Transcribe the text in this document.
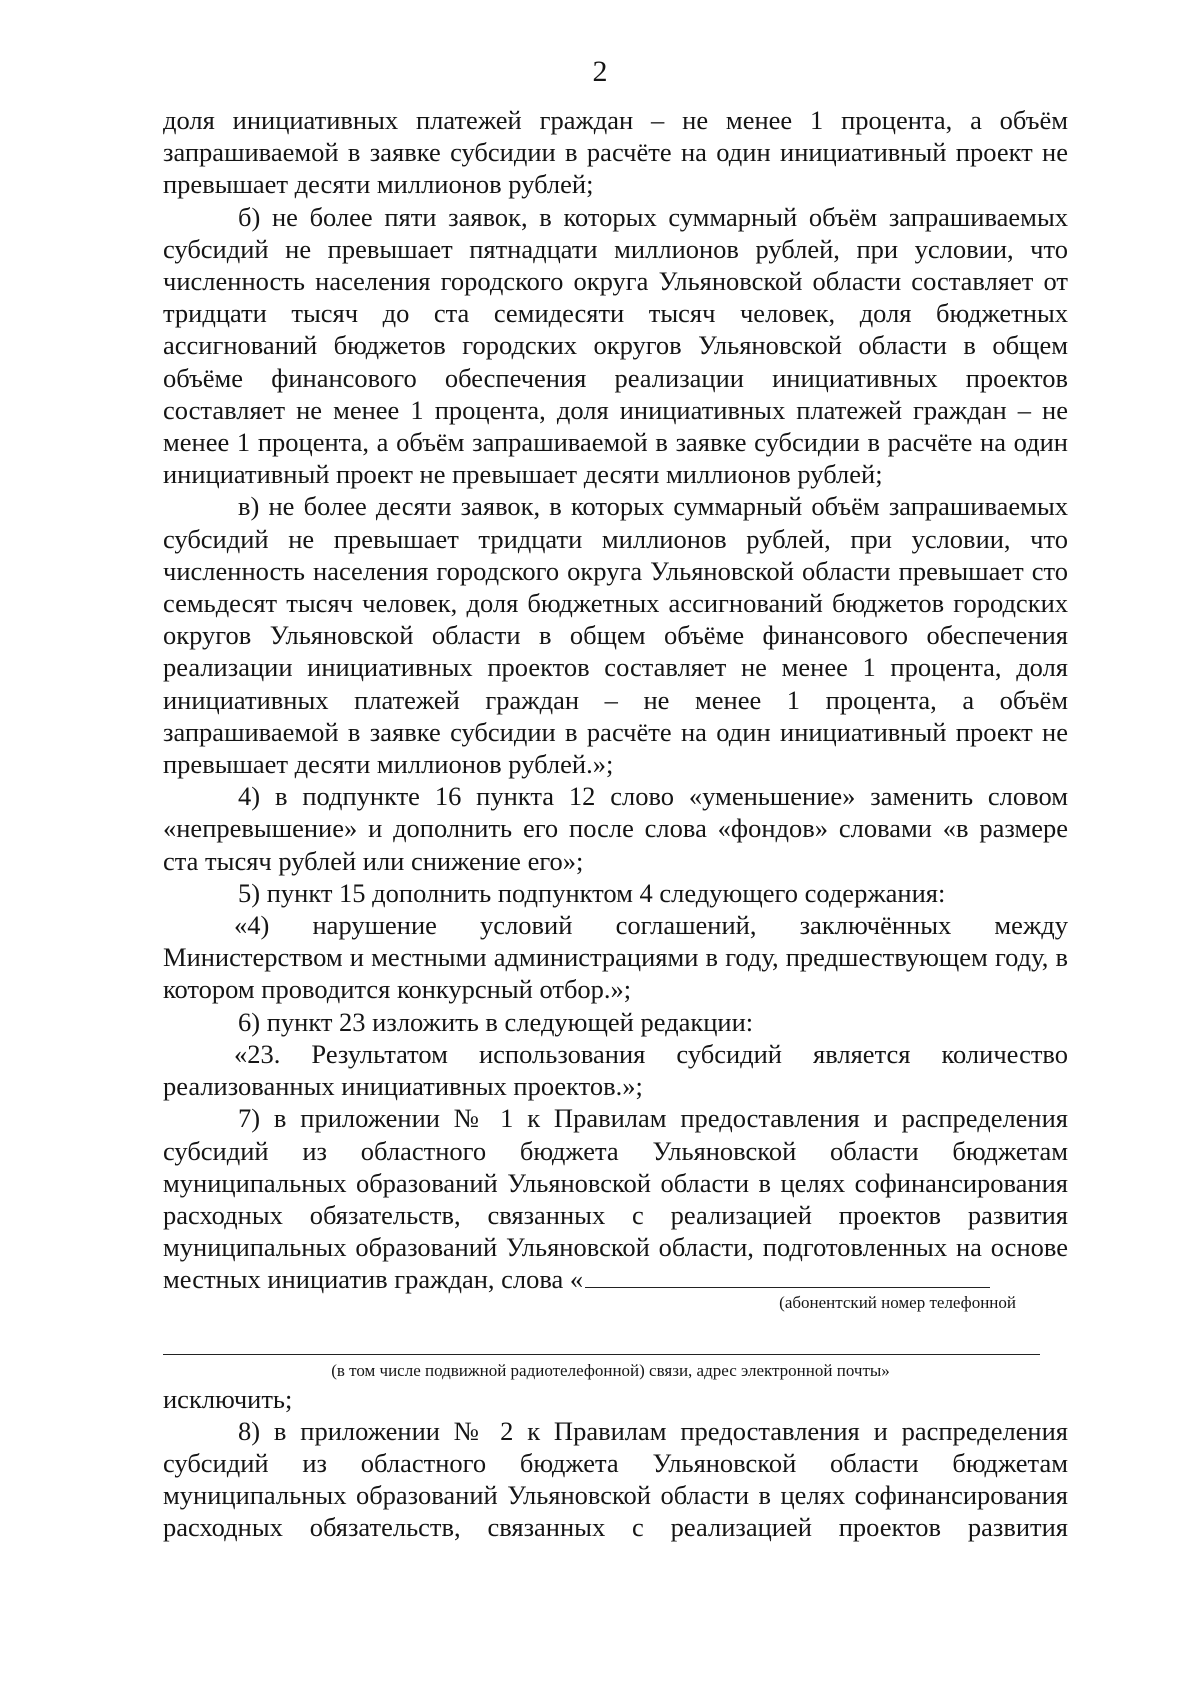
2

доля инициативных платежей граждан – не менее 1 процента, а объём запрашиваемой в заявке субсидии в расчёте на один инициативный проект не превышает десяти миллионов рублей;

б) не более пяти заявок, в которых суммарный объём запрашиваемых субсидий не превышает пятнадцати миллионов рублей, при условии, что численность населения городского округа Ульяновской области составляет от тридцати тысяч до ста семидесяти тысяч человек, доля бюджетных ассигнований бюджетов городских округов Ульяновской области в общем объёме финансового обеспечения реализации инициативных проектов составляет не менее 1 процента, доля инициативных платежей граждан – не менее 1 процента, а объём запрашиваемой в заявке субсидии в расчёте на один инициативный проект не превышает десяти миллионов рублей;

в) не более десяти заявок, в которых суммарный объём запрашиваемых субсидий не превышает тридцати миллионов рублей, при условии, что численность населения городского округа Ульяновской области превышает сто семьдесят тысяч человек, доля бюджетных ассигнований бюджетов городских округов Ульяновской области в общем объёме финансового обеспечения реализации инициативных проектов составляет не менее 1 процента, доля инициативных платежей граждан – не менее 1 процента, а объём запрашиваемой в заявке субсидии в расчёте на один инициативный проект не превышает десяти миллионов рублей.»;

4) в подпункте 16 пункта 12 слово «уменьшение» заменить словом «непревышение» и дополнить его после слова «фондов» словами «в размере ста тысяч рублей или снижение его»;

5) пункт 15 дополнить подпунктом 4 следующего содержания:

«4) нарушение условий соглашений, заключённых между Министерством и местными администрациями в году, предшествующем году, в котором проводится конкурсный отбор.»;

6) пункт 23 изложить в следующей редакции:

«23. Результатом использования субсидий является количество реализованных инициативных проектов.»;

7) в приложении № 1 к Правилам предоставления и распределения субсидий из областного бюджета Ульяновской области бюджетам муниципальных образований Ульяновской области в целях софинансирования расходных обязательств, связанных с реализацией проектов развития муниципальных образований Ульяновской области, подготовленных на основе местных инициатив граждан, слова «

(абонентский номер телефонной

(в том числе подвижной радиотелефонной) связи, адрес электронной почты»

исключить;

8) в приложении № 2 к Правилам предоставления и распределения субсидий из областного бюджета Ульяновской области бюджетам муниципальных образований Ульяновской области в целях софинансирования расходных обязательств, связанных с реализацией проектов развития
